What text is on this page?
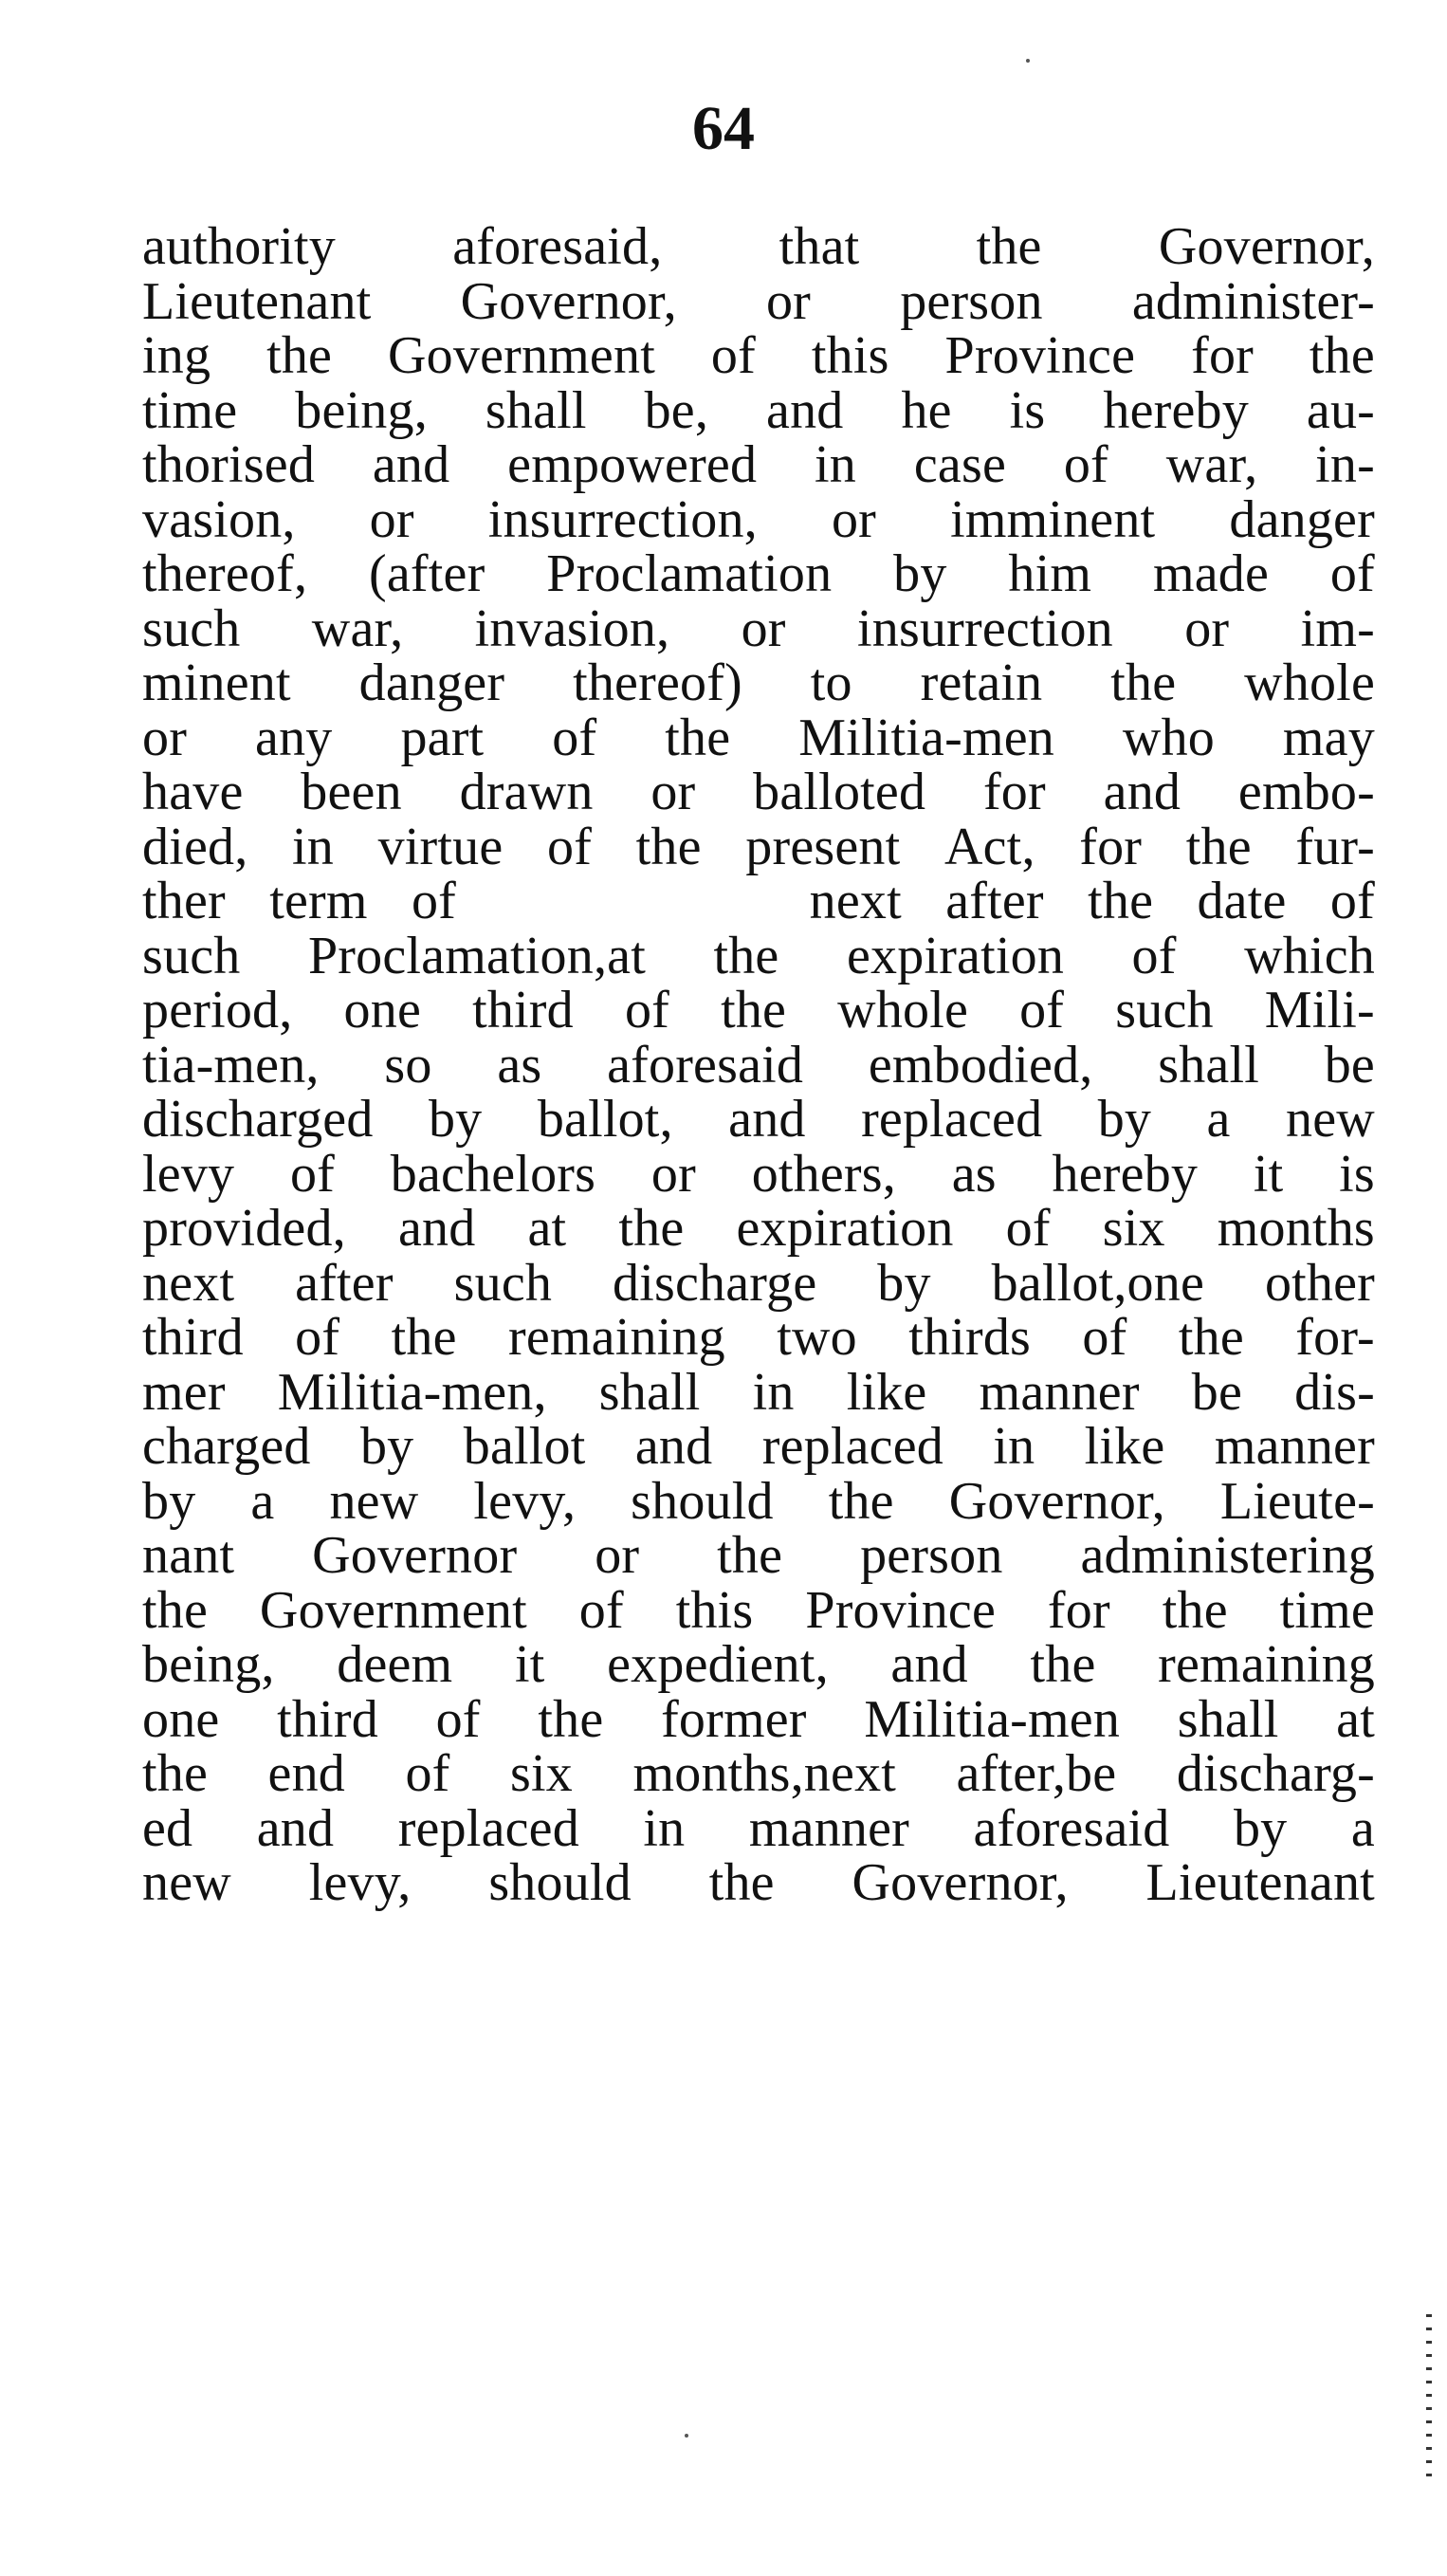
64
authority aforesaid, that the Governor,
Lieutenant Governor, or person administer-
ing the Government of this Province for the
time being, shall be, and he is hereby au-
thorised and empowered in case of war, in-
vasion, or insurrection, or imminent danger
thereof, (after Proclamation by him made of
such war, invasion, or insurrection or im-
minent danger thereof) to retain the whole
or any part of the Militia-men who may
have been drawn or balloted for and embo-
died, in virtue of the present Act, for the fur-
ther term of	next after the date of
such Proclamation,at the expiration of which
period, one third of the whole of such Mili-
tia-men, so as aforesaid embodied, shall be
discharged by ballot, and replaced by a new
levy of bachelors or others, as hereby it is
provided, and at the expiration of six months
next after such discharge by ballot,one other
third of the remaining two thirds of the for-
mer Militia-men, shall in like manner be dis-
charged by ballot and replaced in like manner
by a new levy, should the Governor, Lieute-
nant Governor or the person administering
the Government of this Province for the time
being, deem it expedient, and the remaining
one third of the former Militia-men shall at
the end of six months,next after,be discharg-
ed and replaced in manner aforesaid by a
new levy, should the Governor, Lieutenant
